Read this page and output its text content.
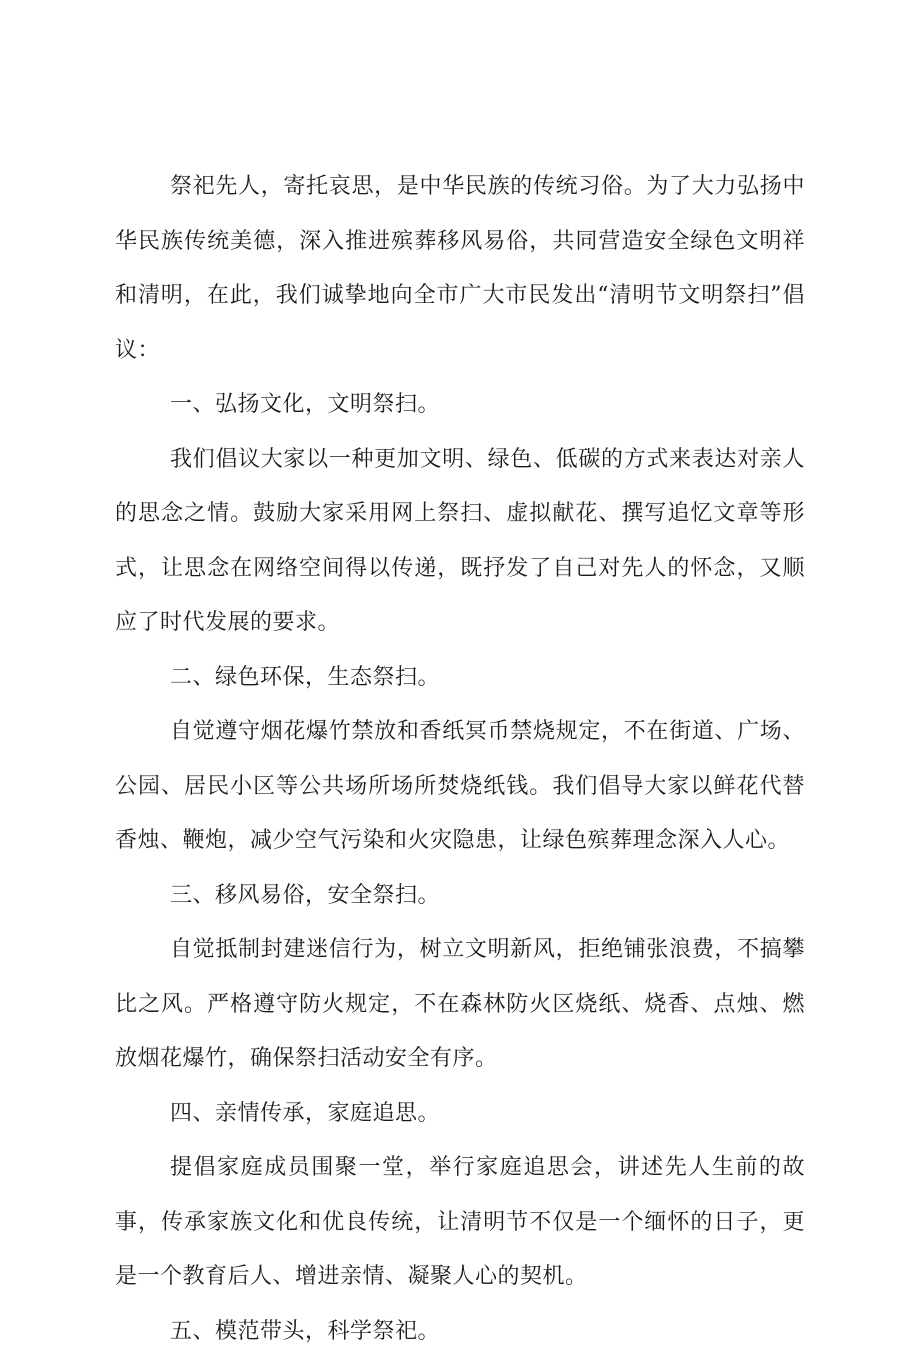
祭祀先人，寄托哀思，是中华民族的传统习俗。为了大力弘扬中华民族传统美德，深入推进殡葬移风易俗，共同营造安全绿色文明祥和清明，在此，我们诚挚地向全市广大市民发出“清明节文明祭扫”倡议：

一、弘扬文化，文明祭扫。

我们倡议大家以一种更加文明、绿色、低碳的方式来表达对亲人的思念之情。鼓励大家采用网上祭扫、虚拟献花、撰写追忆文章等形式，让思念在网络空间得以传递，既抒发了自己对先人的怀念，又顺应了时代发展的要求。

二、绿色环保，生态祭扫。

自觉遵守烟花爆竹禁放和香纸冥币禁烧规定，不在街道、广场、公园、居民小区等公共场所场所焚烧纸钱。我们倡导大家以鲜花代替香烛、鞭炮，减少空气污染和火灾隐患，让绿色殡葬理念深入人心。

三、移风易俗，安全祭扫。

自觉抵制封建迷信行为，树立文明新风，拒绝铺张浪费，不搞攀比之风。严格遵守防火规定，不在森林防火区烧纸、烧香、点烛、燃放烟花爆竹，确保祭扫活动安全有序。

四、亲情传承，家庭追思。

提倡家庭成员围聚一堂，举行家庭追思会，讲述先人生前的故事，传承家族文化和优良传统，让清明节不仅是一个缅怀的日子，更是一个教育后人、增进亲情、凝聚人心的契机。

五、模范带头，科学祭祀。
